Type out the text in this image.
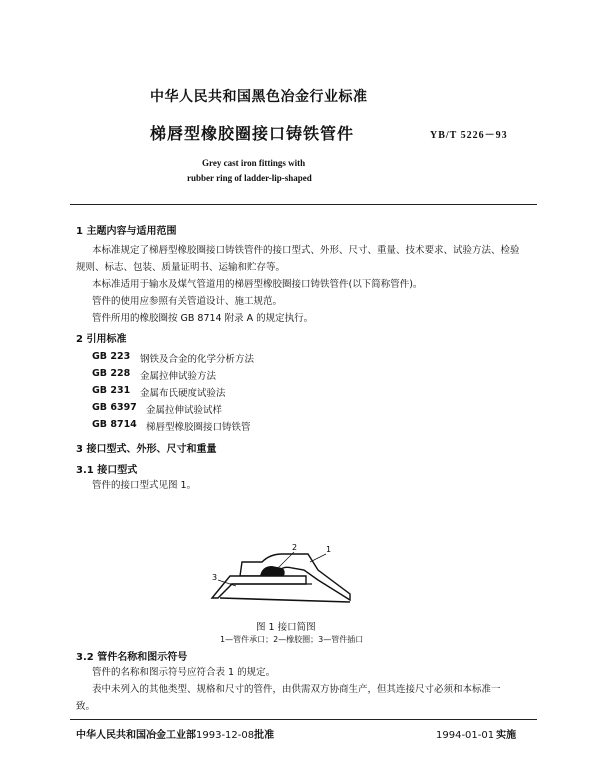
中华人民共和国黑色冶金行业标准
梯唇型橡胶圈接口铸铁管件	YB/T 5226－93
Grey cast iron fittings with
rubber ring of ladder-lip-shaped
1 主题内容与适用范围
本标准规定了梯唇型橡胶圈接口铸铁管件的接口型式、外形、尺寸、重量、技术要求、试验方法、检验
规则、标志、包装、质量证明书、运输和贮存等。
本标准适用于输水及煤气管道用的梯唇型橡胶圈接口铸铁管件(以下简称管件)。
管件的使用应参照有关管道设计、施工规范。
管件所用的橡胶圈按 GB 8714 附录 A 的规定执行。
2 引用标准
GB 223 钢铁及合金的化学分析方法
GB 228 金属拉伸试验方法
GB 231 金属布氏硬度试验法
GB 6397 金属拉伸试验试样
GB 8714 梯唇型橡胶圈接口铸铁管
3 接口型式、外形、尺寸和重量
3.1 接口型式
管件的接口型式见图 1。
1
2
3
图 1 接口简图
1—管件承口；2—橡胶圈；3—管件插口
3.2 管件名称和图示符号
管件的名称和图示符号应符合表 1 的规定。
表中未列入的其他类型、规格和尺寸的管件，由供需双方协商生产，但其连接尺寸必须和本标准一
致。
中华人民共和国冶金工业部1993-12-08批准	1994-01-01 实施
